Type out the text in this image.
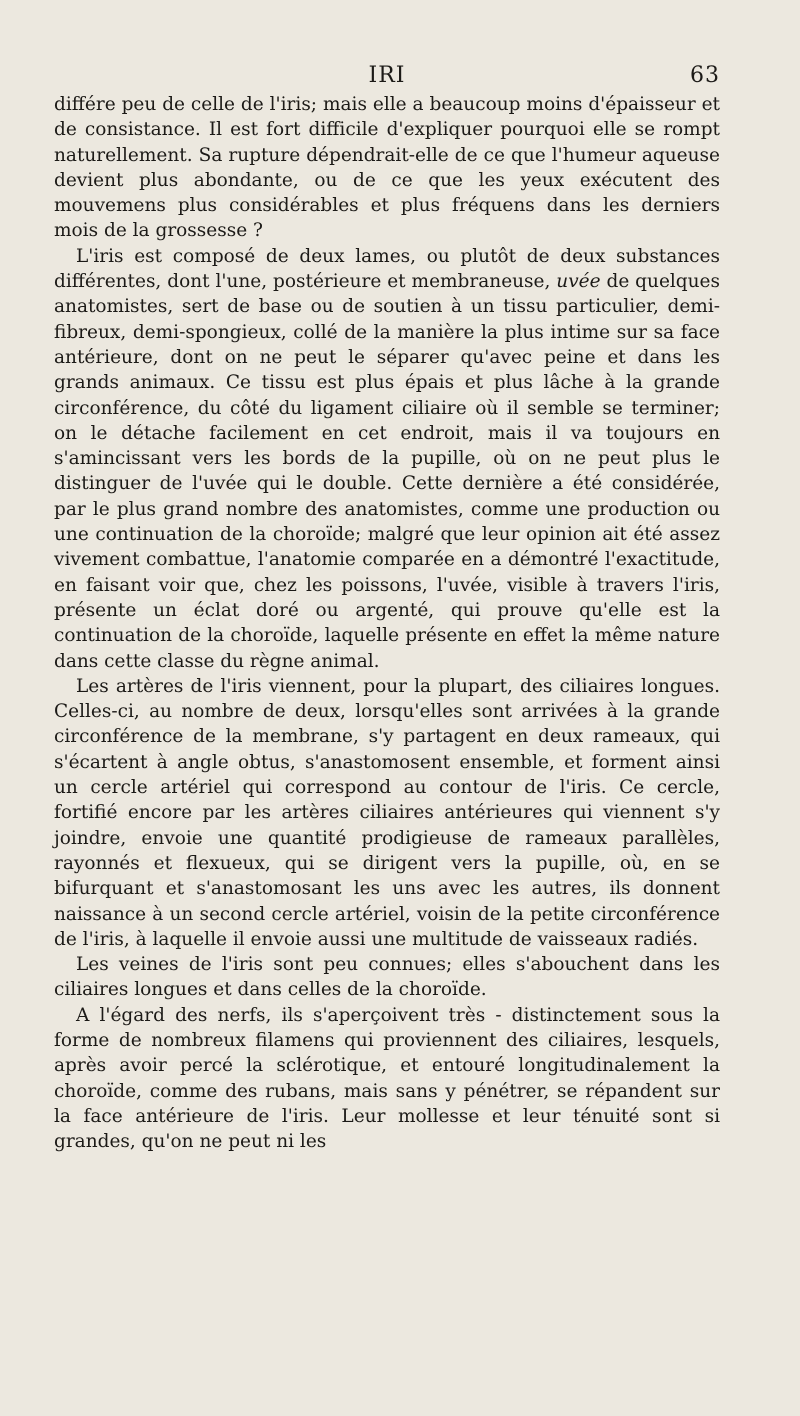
IRI	63

différe peu de celle de l'iris; mais elle a beaucoup moins d'épaisseur et de consistance. Il est fort difficile d'expliquer pourquoi elle se rompt naturellement. Sa rupture dépendrait-elle de ce que l'humeur aqueuse devient plus abondante, ou de ce que les yeux exécutent des mouvemens plus considérables et plus fréquens dans les derniers mois de la grossesse ?

L'iris est composé de deux lames, ou plutôt de deux substances différentes, dont l'une, postérieure et membraneuse, uvée de quelques anatomistes, sert de base ou de soutien à un tissu particulier, demi-fibreux, demi-spongieux, collé de la manière la plus intime sur sa face antérieure, dont on ne peut le séparer qu'avec peine et dans les grands animaux. Ce tissu est plus épais et plus lâche à la grande circonférence, du côté du ligament ciliaire où il semble se terminer; on le détache facilement en cet endroit, mais il va toujours en s'amincissant vers les bords de la pupille, où on ne peut plus le distinguer de l'uvée qui le double. Cette dernière a été considérée, par le plus grand nombre des anatomistes, comme une production ou une continuation de la choroïde; malgré que leur opinion ait été assez vivement combattue, l'anatomie comparée en a démontré l'exactitude, en faisant voir que, chez les poissons, l'uvée, visible à travers l'iris, présente un éclat doré ou argenté, qui prouve qu'elle est la continuation de la choroïde, laquelle présente en effet la même nature dans cette classe du règne animal.

Les artères de l'iris viennent, pour la plupart, des ciliaires longues. Celles-ci, au nombre de deux, lorsqu'elles sont arrivées à la grande circonférence de la membrane, s'y partagent en deux rameaux, qui s'écartent à angle obtus, s'anastomosent ensemble, et forment ainsi un cercle artériel qui correspond au contour de l'iris. Ce cercle, fortifié encore par les artères ciliaires antérieures qui viennent s'y joindre, envoie une quantité prodigieuse de rameaux parallèles, rayonnés et flexueux, qui se dirigent vers la pupille, où, en se bifurquant et s'anastomosant les uns avec les autres, ils donnent naissance à un second cercle artériel, voisin de la petite circonférence de l'iris, à laquelle il envoie aussi une multitude de vaisseaux radiés.

Les veines de l'iris sont peu connues; elles s'abouchent dans les ciliaires longues et dans celles de la choroïde.

A l'égard des nerfs, ils s'aperçoivent très - distinctement sous la forme de nombreux filamens qui proviennent des ciliaires, lesquels, après avoir percé la sclérotique, et entouré longitudinalement la choroïde, comme des rubans, mais sans y pénétrer, se répandent sur la face antérieure de l'iris. Leur mollesse et leur ténuité sont si grandes, qu'on ne peut ni les
